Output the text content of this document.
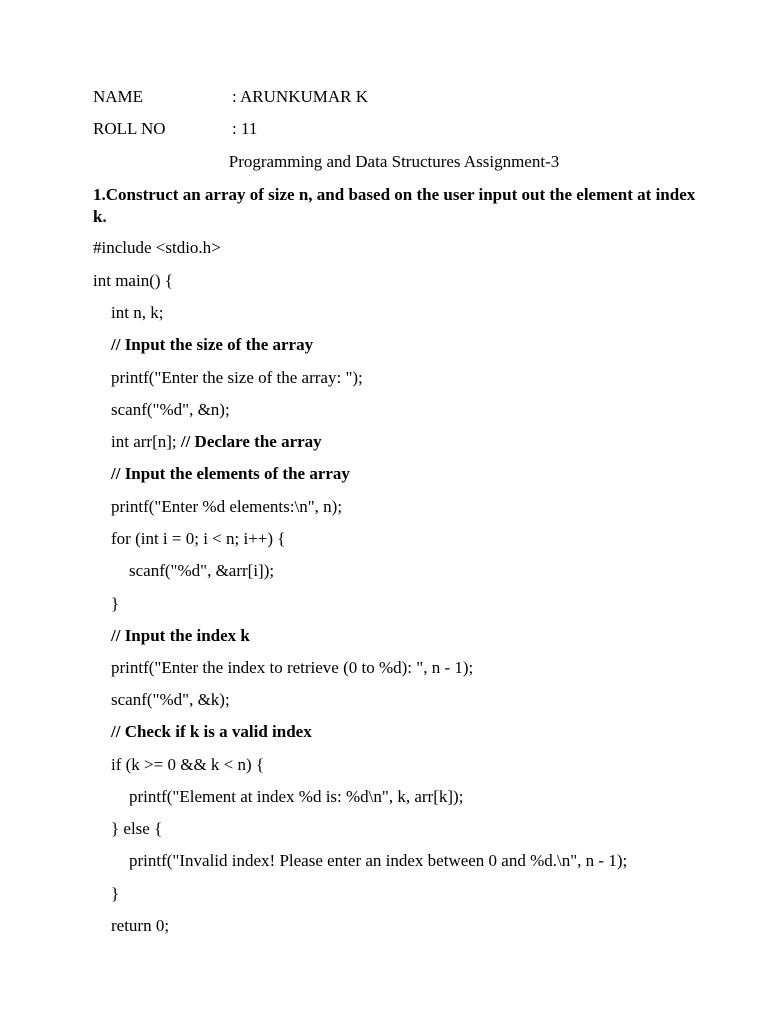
NAME	: ARUNKUMAR K
ROLL NO	: 11
Programming and Data Structures Assignment-3
1.Construct an array of size n, and based on the user input out the element at index k.
#include <stdio.h>
int main() {
int n, k;
// Input the size of the array
printf("Enter the size of the array: ");
scanf("%d", &n);
int arr[n]; // Declare the array
// Input the elements of the array
printf("Enter %d elements:\n", n);
for (int i = 0; i < n; i++) {
scanf("%d", &arr[i]);
}
// Input the index k
printf("Enter the index to retrieve (0 to %d): ", n - 1);
scanf("%d", &k);
// Check if k is a valid index
if (k >= 0 && k < n) {
printf("Element at index %d is: %d\n", k, arr[k]);
} else {
printf("Invalid index! Please enter an index between 0 and %d.\n", n - 1);
}
return 0;
